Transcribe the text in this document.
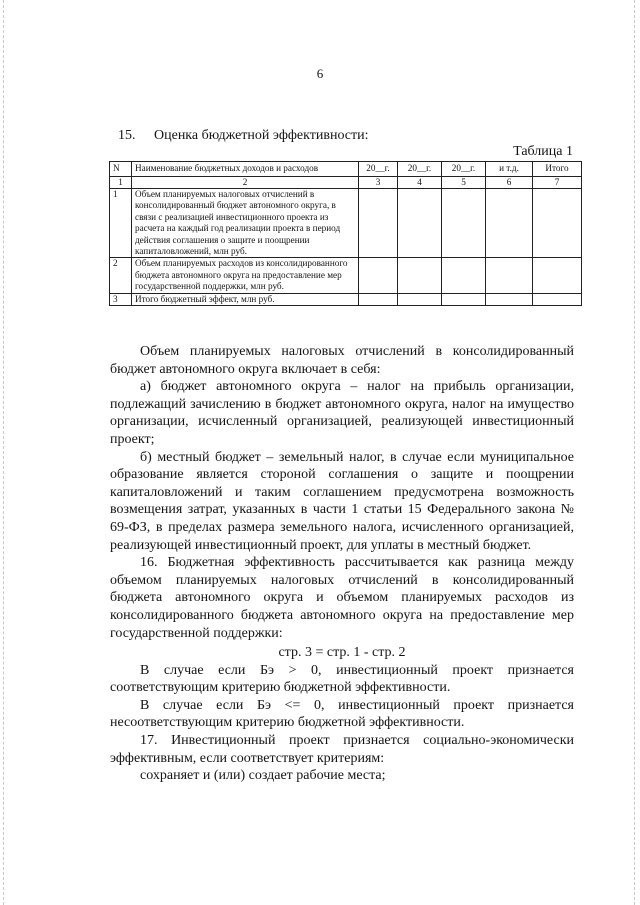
6
15. Оценка бюджетной эффективности:
Таблица 1
N	Наименование бюджетных доходов и расходов	20__г.	20__г.	20__г.	и т.д.	Итого
1	2	3	4	5	6	7
1	Объем планируемых налоговых отчислений в консолидированный бюджет автономного округа, в связи с реализацией инвестиционного проекта из расчета на каждый год реализации проекта в период действия соглашения о защите и поощрении капиталовложений, млн руб.					

2	Объем планируемых расходов из консолидированного бюджета автономного округа на предоставление мер государственной поддержки, млн руб.					

3	Итого бюджетный эффект, млн руб.					

Объем планируемых налоговых отчислений в консолидированный бюджет автономного округа включает в себя:

а) бюджет автономного округа – налог на прибыль организации, подлежащий зачислению в бюджет автономного округа, налог на имущество организации, исчисленный организацией, реализующей инвестиционный проект;

б) местный бюджет – земельный налог, в случае если муниципальное образование является стороной соглашения о защите и поощрении капиталовложений и таким соглашением предусмотрена возможность возмещения затрат, указанных в части 1 статьи 15 Федерального закона № 69-ФЗ, в пределах размера земельного налога, исчисленного организацией, реализующей инвестиционный проект, для уплаты в местный бюджет.

16. Бюджетная эффективность рассчитывается как разница между объемом планируемых налоговых отчислений в консолидированный бюджета автономного округа и объемом планируемых расходов из консолидированного бюджета автономного округа на предоставление мер государственной поддержки:

стр. 3 = стр. 1 - стр. 2

В случае если Бэ > 0, инвестиционный проект признается соответствующим критерию бюджетной эффективности.

В случае если Бэ <= 0, инвестиционный проект признается несоответствующим критерию бюджетной эффективности.

17. Инвестиционный проект признается социально-экономически эффективным, если соответствует критериям:

сохраняет и (или) создает рабочие места;
